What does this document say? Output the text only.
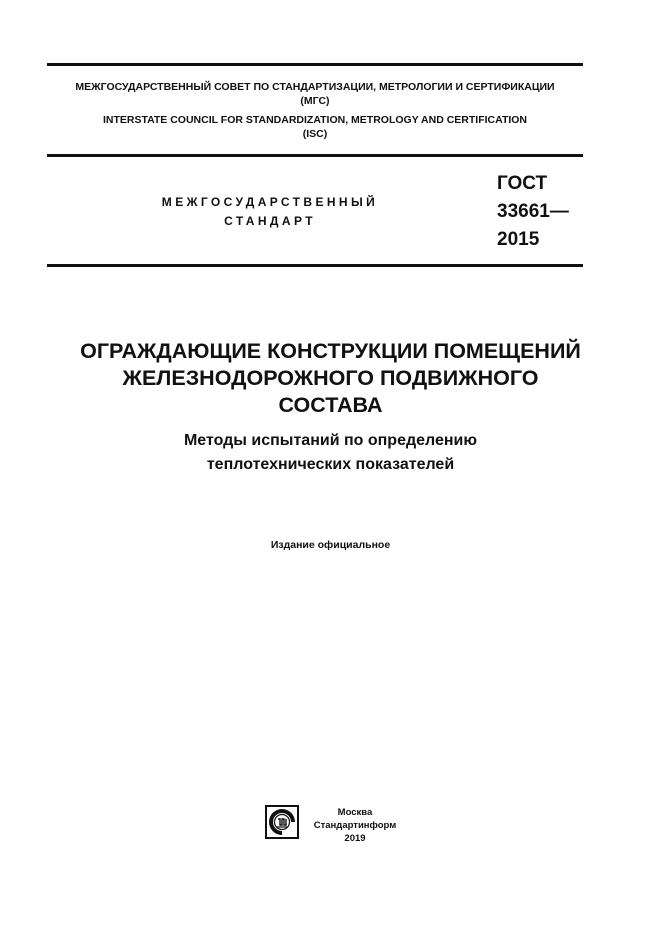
МЕЖГОСУДАРСТВЕННЫЙ СОВЕТ ПО СТАНДАРТИЗАЦИИ, МЕТРОЛОГИИ И СЕРТИФИКАЦИИ
(МГС)
INTERSTATE COUNCIL FOR STANDARDIZATION, METROLOGY AND CERTIFICATION
(ISC)
МЕЖГОСУДАРСТВЕННЫЙ
СТАНДАРТ
ГОСТ
33661—
2015
ОГРАЖДАЮЩИЕ КОНСТРУКЦИИ ПОМЕЩЕНИЙ
ЖЕЛЕЗНОДОРОЖНОГО ПОДВИЖНОГО
СОСТАВА
Методы испытаний по определению
теплотехнических показателей
Издание официальное
Москва
Стандартинформ
2019
